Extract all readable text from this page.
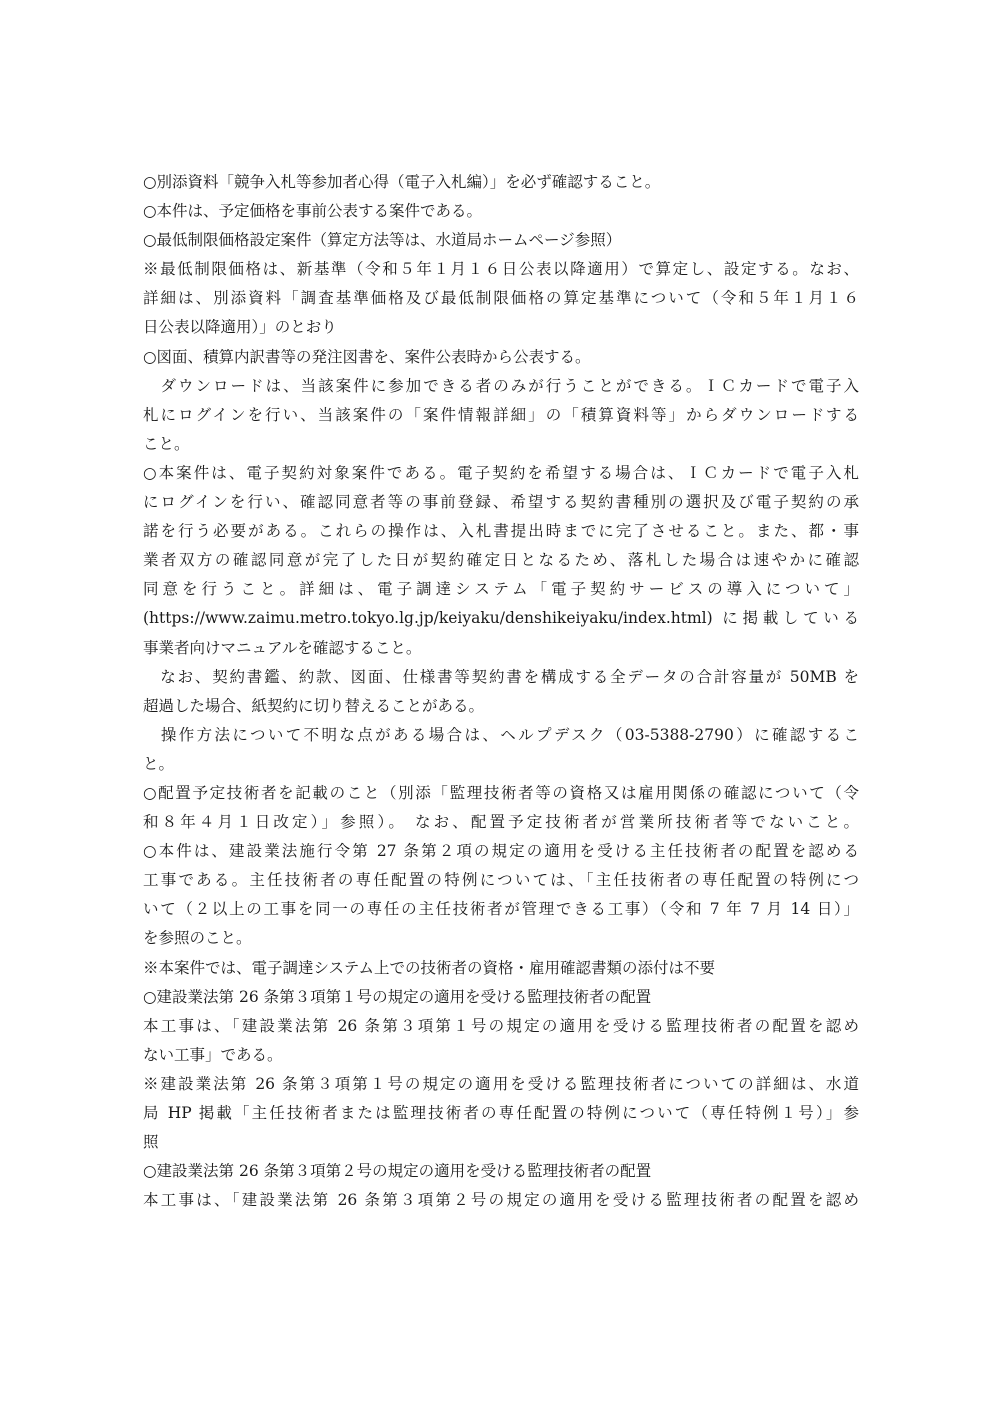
○別添資料「競争入札等参加者心得（電子入札編）」を必ず確認すること。
○本件は、予定価格を事前公表する案件である。
○最低制限価格設定案件（算定方法等は、水道局ホームページ参照）
※最低制限価格は、新基準（令和５年１月１６日公表以降適用）で算定し、設定する。なお、
詳細は、別添資料「調査基準価格及び最低制限価格の算定基準について（令和５年１月１６
日公表以降適用）」のとおり
○図面、積算内訳書等の発注図書を、案件公表時から公表する。
　ダウンロードは、当該案件に参加できる者のみが行うことができる。ＩＣカードで電子入
札にログインを行い、当該案件の「案件情報詳細」の「積算資料等」からダウンロードする
こと。
○本案件は、電子契約対象案件である。電子契約を希望する場合は、ＩＣカードで電子入札
にログインを行い、確認同意者等の事前登録、希望する契約書種別の選択及び電子契約の承
諾を行う必要がある。これらの操作は、入札書提出時までに完了させること。また、都・事
業者双方の確認同意が完了した日が契約確定日となるため、落札した場合は速やかに確認
同意を行うこと。詳細は、電子調達システム「電子契約サービスの導入について」
(https://www.zaimu.metro.tokyo.lg.jp/keiyaku/denshikeiyaku/index.html) に掲載している
事業者向けマニュアルを確認すること。
　なお、契約書鑑、約款、図面、仕様書等契約書を構成する全データの合計容量が 50MB を
超過した場合、紙契約に切り替えることがある。
　操作方法について不明な点がある場合は、ヘルプデスク（03-5388-2790）に確認するこ
と。
○配置予定技術者を記載のこと（別添「監理技術者等の資格又は雇用関係の確認について（令
和８年４月１日改定）」参照）。 なお、配置予定技術者が営業所技術者等でないこと。
○本件は、建設業法施行令第 27 条第２項の規定の適用を受ける主任技術者の配置を認める
工事である。主任技術者の専任配置の特例については、「主任技術者の専任配置の特例につ
いて（２以上の工事を同一の専任の主任技術者が管理できる工事）（令和 7 年 7 月 14 日）」
を参照のこと。
※本案件では、電子調達システム上での技術者の資格・雇用確認書類の添付は不要
○建設業法第 26 条第３項第１号の規定の適用を受ける監理技術者の配置
本工事は、「建設業法第 26 条第３項第１号の規定の適用を受ける監理技術者の配置を認め
ない工事」である。
※建設業法第 26 条第３項第１号の規定の適用を受ける監理技術者についての詳細は、水道
局 HP 掲載「主任技術者または監理技術者の専任配置の特例について（専任特例１号）」参
照
○建設業法第 26 条第３項第２号の規定の適用を受ける監理技術者の配置
本工事は、「建設業法第 26 条第３項第２号の規定の適用を受ける監理技術者の配置を認め
